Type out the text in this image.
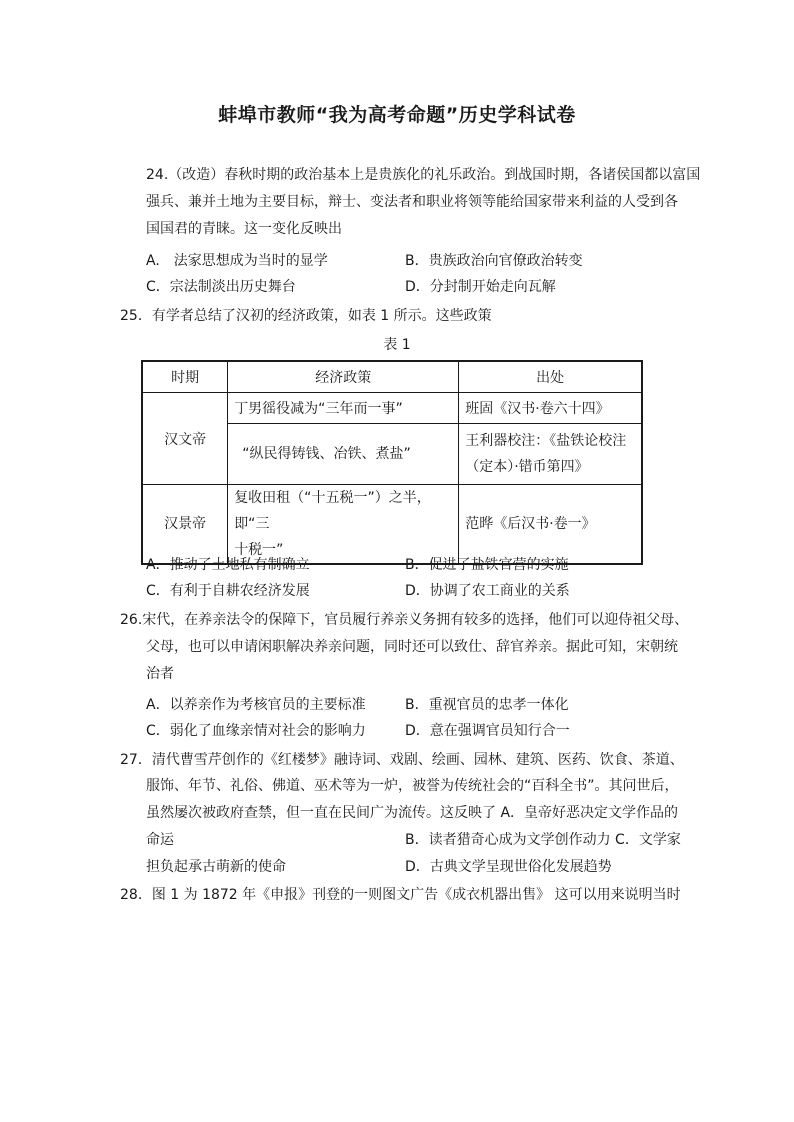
蚌埠市教师“我为高考命题”历史学科试卷
24.（改造）春秋时期的政治基本上是贵族化的礼乐政治。到战国时期，各诸侯国都以富国
强兵、兼并土地为主要目标，辩士、变法者和职业将领等能给国家带来利益的人受到各
国国君的青睐。这一变化反映出
A.　法家思想成为当时的显学	B．贵族政治向官僚政治转变
C．宗法制淡出历史舞台	D．分封制开始走向瓦解
25．有学者总结了汉初的经济政策，如表 1 所示。这些政策
表 1
时期	经济政策	出处
汉文帝	丁男徭役减为“三年而一事”	班固《汉书·卷六十四》
	“纵民得铸钱、冶铁、煮盐”	王利器校注：《盐铁论校注
（定本）·错币第四》

汉景帝	复收田租（“十五税一”）之半，即“三
十税一”	范晔《后汉书·卷一》
A．推动了土地私有制确立	B．促进了盐铁官营的实施
C．有利于自耕农经济发展	D．协调了农工商业的关系
26.宋代，在养亲法令的保障下，官员履行养亲义务拥有较多的选择，他们可以迎侍祖父母、
父母，也可以申请闲职解决养亲问题，同时还可以致仕、辞官养亲。据此可知，宋朝统
治者
A．以养亲作为考核官员的主要标准	B．重视官员的忠孝一体化
C．弱化了血缘亲情对社会的影响力	D．意在强调官员知行合一
27．清代曹雪芹创作的《红楼梦》融诗词、戏剧、绘画、园林、建筑、医药、饮食、茶道、
服饰、年节、礼俗、佛道、巫术等为一炉，被誉为传统社会的“百科全书”。其问世后，
虽然屡次被政府查禁，但一直在民间广为流传。这反映了 A．皇帝好恶决定文学作品的
命运	B．读者猎奇心成为文学创作动力 C．文学家
担负起承古萌新的使命	D．古典文学呈现世俗化发展趋势
28．图 1 为 1872 年《申报》刊登的一则图文广告《成衣机器出售》 这可以用来说明当时
